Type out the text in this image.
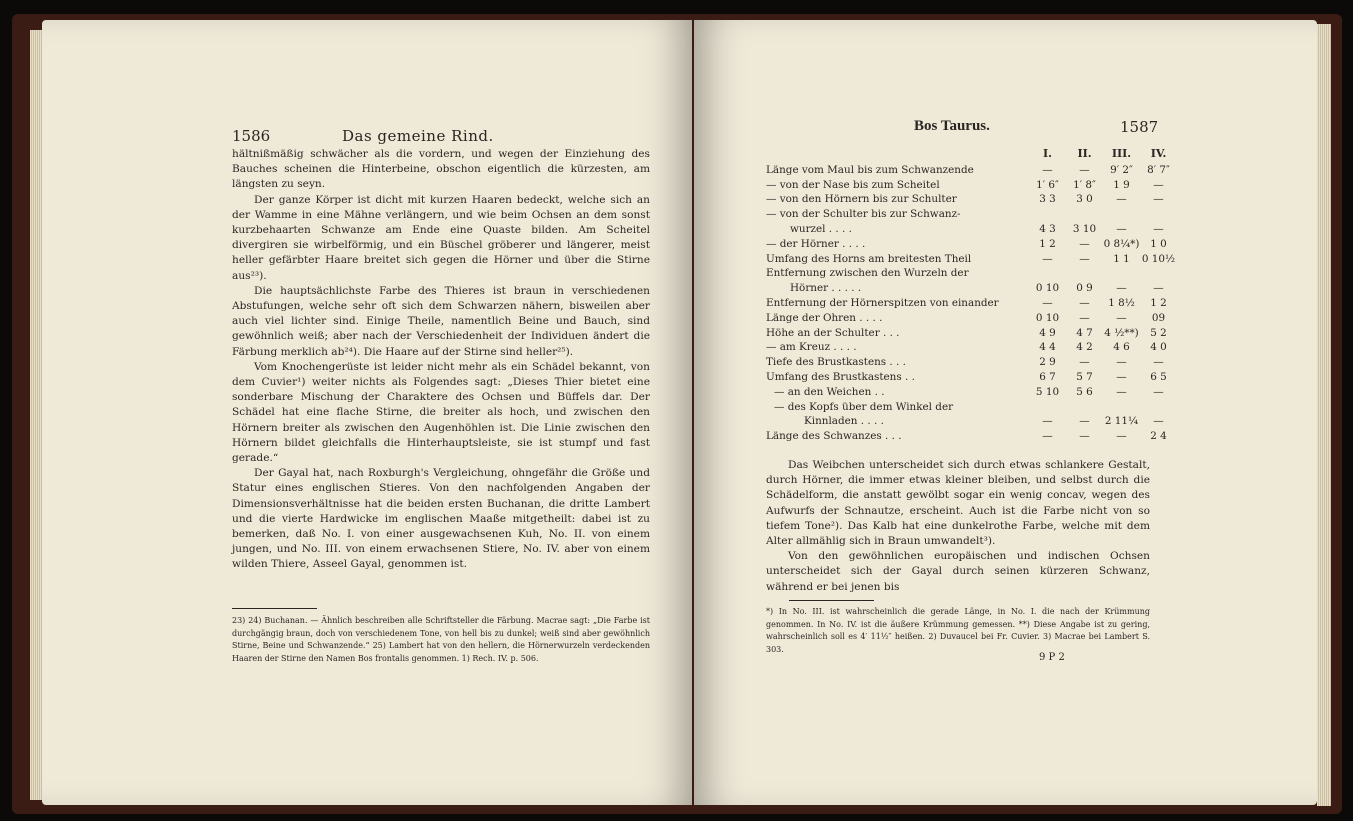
1586	Das gemeine Rind.

hältnißmäßig schwächer als die vordern, und wegen der Einziehung des Bauches scheinen die Hinterbeine, obschon eigentlich die kürzesten, am längsten zu seyn.

Der ganze Körper ist dicht mit kurzen Haaren bedeckt, welche sich an der Wamme in eine Mähne verlängern, und wie beim Ochsen an dem sonst kurzbehaarten Schwanze am Ende eine Quaste bilden. Am Scheitel divergiren sie wirbelförmig, und ein Büschel gröberer und längerer, meist heller gefärbter Haare breitet sich gegen die Hörner und über die Stirne aus²³).

Die hauptsächlichste Farbe des Thieres ist braun in verschiedenen Abstufungen, welche sehr oft sich dem Schwarzen nähern, bisweilen aber auch viel lichter sind. Einige Theile, namentlich Beine und Bauch, sind gewöhnlich weiß; aber nach der Verschiedenheit der Individuen ändert die Färbung merklich ab²⁴). Die Haare auf der Stirne sind heller²⁵).

Vom Knochengerüste ist leider nicht mehr als ein Schädel bekannt, von dem Cuvier¹) weiter nichts als Folgendes sagt: „Dieses Thier bietet eine sonderbare Mischung der Charaktere des Ochsen und Büffels dar. Der Schädel hat eine flache Stirne, die breiter als hoch, und zwischen den Hörnern breiter als zwischen den Augenhöhlen ist. Die Linie zwischen den Hörnern bildet gleichfalls die Hinterhauptsleiste, sie ist stumpf und fast gerade.“

Der Gayal hat, nach Roxburgh's Vergleichung, ohngefähr die Größe und Statur eines englischen Stieres. Von den nachfolgenden Angaben der Dimensionsverhältnisse hat die beiden ersten Buchanan, die dritte Lambert und die vierte Hardwicke im englischen Maaße mitgetheilt: dabei ist zu bemerken, daß No. I. von einer ausgewachsenen Kuh, No. II. von einem jungen, und No. III. von einem erwachsenen Stiere, No. IV. aber von einem wilden Thiere, Asseel Gayal, genommen ist.

23) 24) Buchanan. — Ähnlich beschreiben alle Schriftsteller die Färbung. Macrae sagt: „Die Farbe ist durchgängig braun, doch von verschiedenem Tone, von hell bis zu dunkel; weiß sind aber gewöhnlich Stirne, Beine und Schwanzende.“ 25) Lambert hat von den hellern, die Hörnerwurzeln verdeckenden Haaren der Stirne den Namen Bos frontalis genommen. 1) Rech. IV. p. 506.
Bos Taurus.	1587
	I.	II.	III.	IV.
Länge vom Maul bis zum Schwanzende	—	—	9′ 2″	8′ 7″
— von der Nase bis zum Scheitel	1′ 6″	1′ 8″	1 9	—
— von den Hörnern bis zur Schulter	3 3	3 0	—	—
— von der Schulter bis zur Schwanz-				
wurzel . . . .	4 3	3 10	—	—
— der Hörner . . . .	1 2	—	0 8¼*)	1 0
Umfang des Horns am breitesten Theil	—	—	1 1	0 10½
Entfernung zwischen den Wurzeln der				
Hörner . . . . .	0 10	0 9	—	—
Entfernung der Hörnerspitzen von einander	—	—	1 8½	1 2
Länge der Ohren . . . .	0 10	—	—	09
Höhe an der Schulter . . .	4 9	4 7	4 ½**)	5 2
— am Kreuz . . . .	4 4	4 2	4 6	4 0
Tiefe des Brustkastens . . .	2 9	—	—	—
Umfang des Brustkastens . .	6 7	5 7	—	6 5
— an den Weichen . .	5 10	5 6	—	—
— des Kopfs über dem Winkel der				
Kinnladen . . . .	—	—	2 11¼	—
Länge des Schwanzes . . .	—	—	—	2 4

Das Weibchen unterscheidet sich durch etwas schlankere Gestalt, durch Hörner, die immer etwas kleiner bleiben, und selbst durch die Schädelform, die anstatt gewölbt sogar ein wenig concav, wegen des Aufwurfs der Schnautze, erscheint. Auch ist die Farbe nicht von so tiefem Tone²). Das Kalb hat eine dunkelrothe Farbe, welche mit dem Alter allmählig sich in Braun umwandelt³).

Von den gewöhnlichen europäischen und indischen Ochsen unterscheidet sich der Gayal durch seinen kürzeren Schwanz, während er bei jenen bis

*) In No. III. ist wahrscheinlich die gerade Länge, in No. I. die nach der Krümmung genommen. In No. IV. ist die äußere Krümmung gemessen. **) Diese Angabe ist zu gering, wahrscheinlich soll es 4′ 11½″ heißen. 2) Duvaucel bei Fr. Cuvier. 3) Macrae bei Lambert S. 303.
9 P 2
